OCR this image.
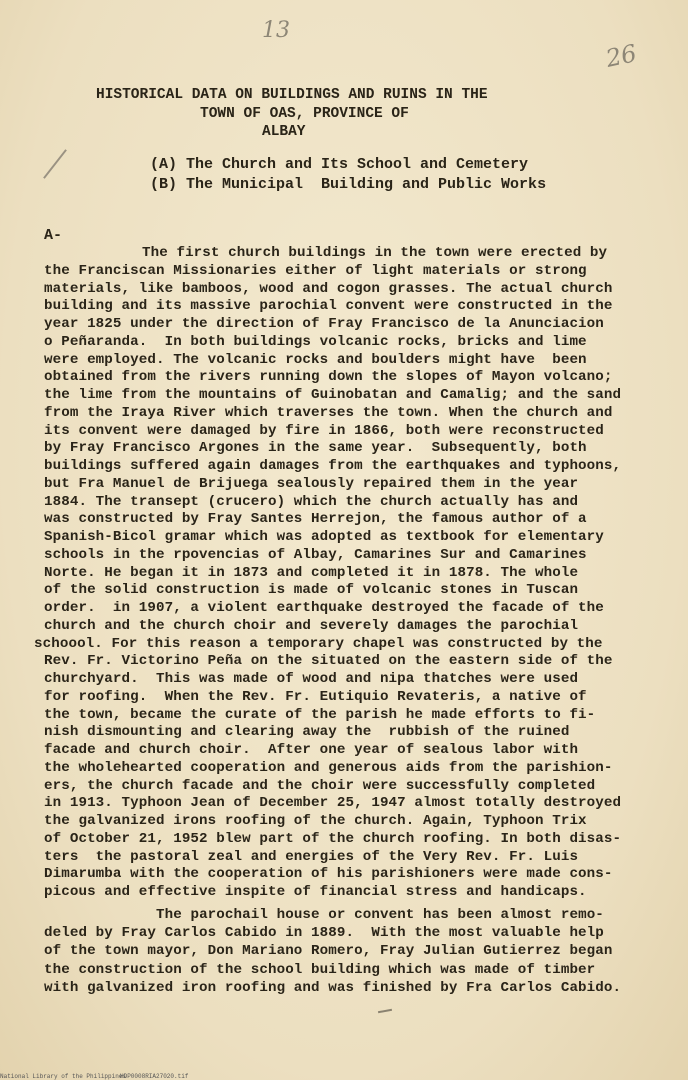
13
26
HISTORICAL DATA ON BUILDINGS AND RUINS IN THE
TOWN OF OAS, PROVINCE OF
ALBAY
(A) The Church and Its School and Cemetery
(B) The Municipal  Building and Public Works
A-
The first church buildings in the town were erected by
the Franciscan Missionaries either of light materials or strong
materials, like bamboos, wood and cogon grasses. The actual church
building and its massive parochial convent were constructed in the
year 1825 under the direction of Fray Francisco de la Anunciacion
o Peñaranda.  In both buildings volcanic rocks, bricks and lime
were employed. The volcanic rocks and boulders might have  been
obtained from the rivers running down the slopes of Mayon volcano;
the lime from the mountains of Guinobatan and Camalig; and the sand
from the Iraya River which traverses the town. When the church and
its convent were damaged by fire in 1866, both were reconstructed
by Fray Francisco Argones in the same year.  Subsequently, both
buildings suffered again damages from the earthquakes and typhoons,
but Fra Manuel de Brijuega sealously repaired them in the year
1884. The transept (crucero) which the church actually has and
was constructed by Fray Santes Herrejon, the famous author of a
Spanish-Bicol gramar which was adopted as textbook for elementary
schools in the rpovencias of Albay, Camarines Sur and Camarines
Norte. He began it in 1873 and completed it in 1878. The whole
of the solid construction is made of volcanic stones in Tuscan
order.  in 1907, a violent earthquake destroyed the facade of the
church and the church choir and severely damages the parochial
schoool. For this reason a temporary chapel was constructed by the
Rev. Fr. Victorino Peña on the situated on the eastern side of the
churchyard.  This was made of wood and nipa thatches were used
for roofing.  When the Rev. Fr. Eutiquio Revateris, a native of
the town, became the curate of the parish he made efforts to fi-
nish dismounting and clearing away the  rubbish of the ruined
facade and church choir.  After one year of sealous labor with
the wholehearted cooperation and generous aids from the parishion-
ers, the church facade and the choir were successfully completed
in 1913. Typhoon Jean of December 25, 1947 almost totally destroyed
the galvanized irons roofing of the church. Again, Typhoon Trix
of October 21, 1952 blew part of the church roofing. In both disas-
ters  the pastoral zeal and energies of the Very Rev. Fr. Luis
Dimarumba with the cooperation of his parishioners were made cons-
picous and effective inspite of financial stress and handicaps.
The parochail house or convent has been almost remo-
deled by Fray Carlos Cabido in 1889.  With the most valuable help
of the town mayor, Don Mariano Romero, Fray Julian Gutierrez began
the construction of the school building which was made of timber
with galvanized iron roofing and was finished by Fra Carlos Cabido.
National Library of the Philippines
HDP0008RIA27020.tif
